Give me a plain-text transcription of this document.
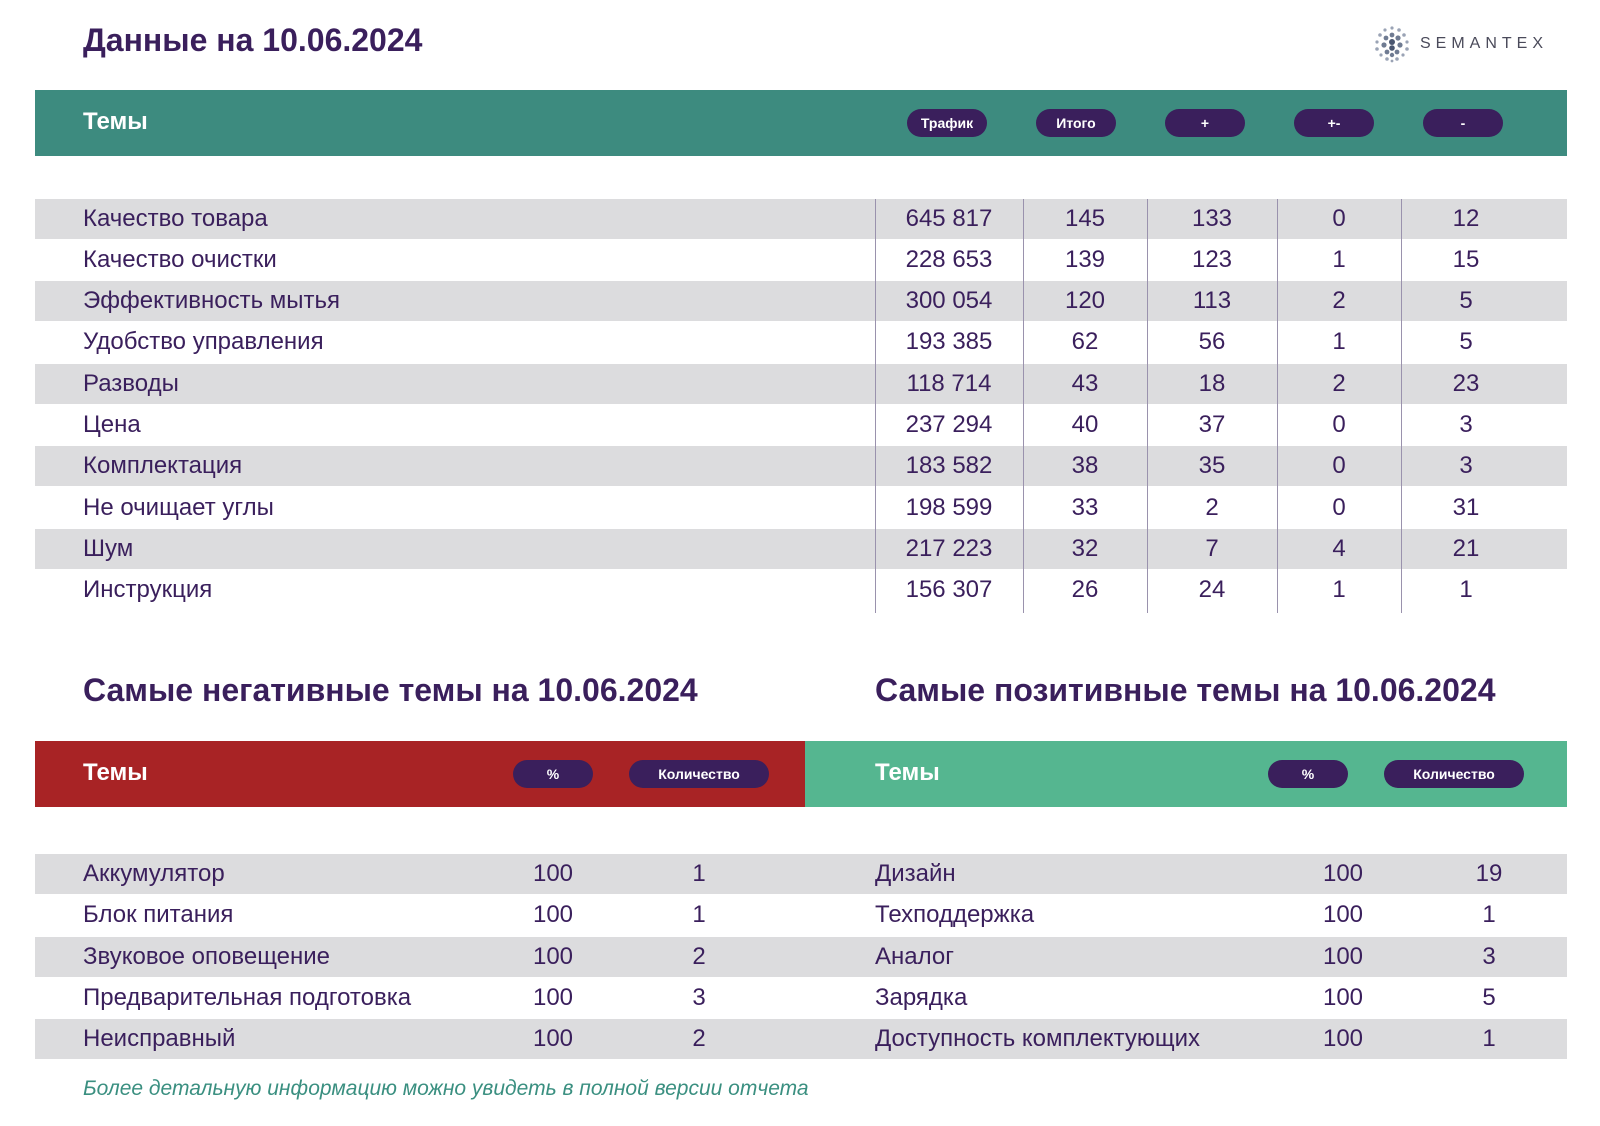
Данные на 10.06.2024	SEMANTEX
Темы	Трафик	Итого	+	+-	-
Качество товара	645 817	145	133	0	12
Качество очистки	228 653	139	123	1	15
Эффективность мытья	300 054	120	113	2	5
Удобство управления	193 385	62	56	1	5
Разводы	118 714	43	18	2	23
Цена	237 294	40	37	0	3
Комплектация	183 582	38	35	0	3
Не очищает углы	198 599	33	2	0	31
Шум	217 223	32	7	4	21
Инструкция	156 307	26	24	1	1
Самые негативные темы на 10.06.2024	Самые позитивные темы на 10.06.2024
Темы	%	Количество	Темы	%	Количество
Аккумулятор	100	1	Дизайн	100	19
Блок питания	100	1	Техподдержка	100	1
Звуковое оповещение	100	2	Аналог	100	3
Предварительная подготовка	100	3	Зарядка	100	5
Неисправный	100	2	Доступность комплектующих	100	1
Более детальную информацию можно увидеть в полной версии отчета
